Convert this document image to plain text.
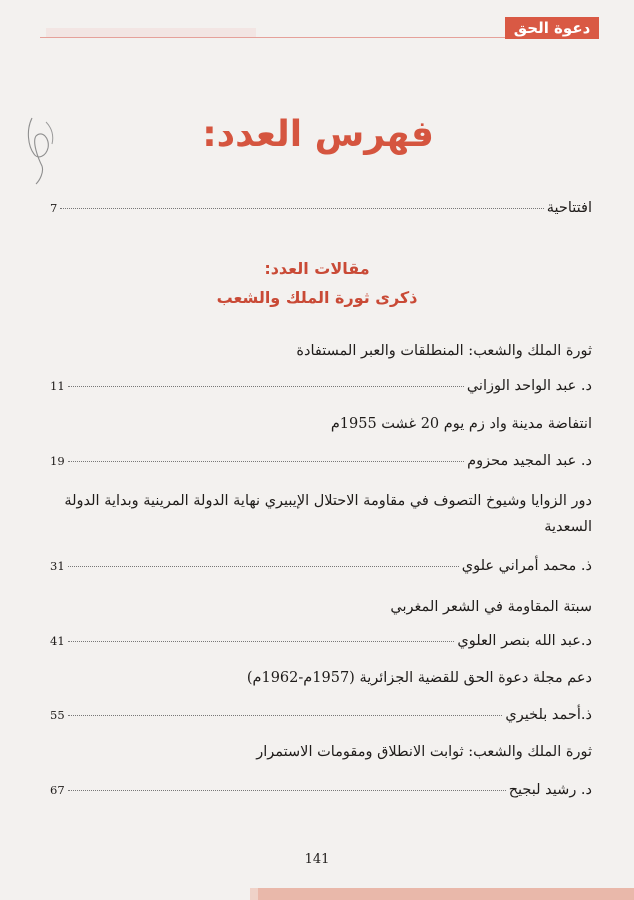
دعوة الحق
فهرس العدد:
افتتاحية
7
مقالات العدد:
ذكرى ثورة الملك والشعب
ثورة الملك والشعب: المنطلقات والعبر المستفادة
د. عبد الواحد الوزاني
11
انتفاضة مدينة واد زم يوم 20 غشت 1955م
د. عبد المجيد محزوم
19
دور الزوايا وشيوخ التصوف في مقاومة الاحتلال الإيبيري نهاية الدولة المرينية وبداية الدولة السعدية
ذ. محمد أمراني علوي
31
سبتة المقاومة في الشعر المغربي
د.عبد الله بنصر العلوي
41
دعم مجلة دعوة الحق للقضية الجزائرية (1957م-1962م)
ذ.أحمد بلخيري
55
ثورة الملك والشعب: ثوابت الانطلاق ومقومات الاستمرار
د. رشيد لبجيح
67
141
